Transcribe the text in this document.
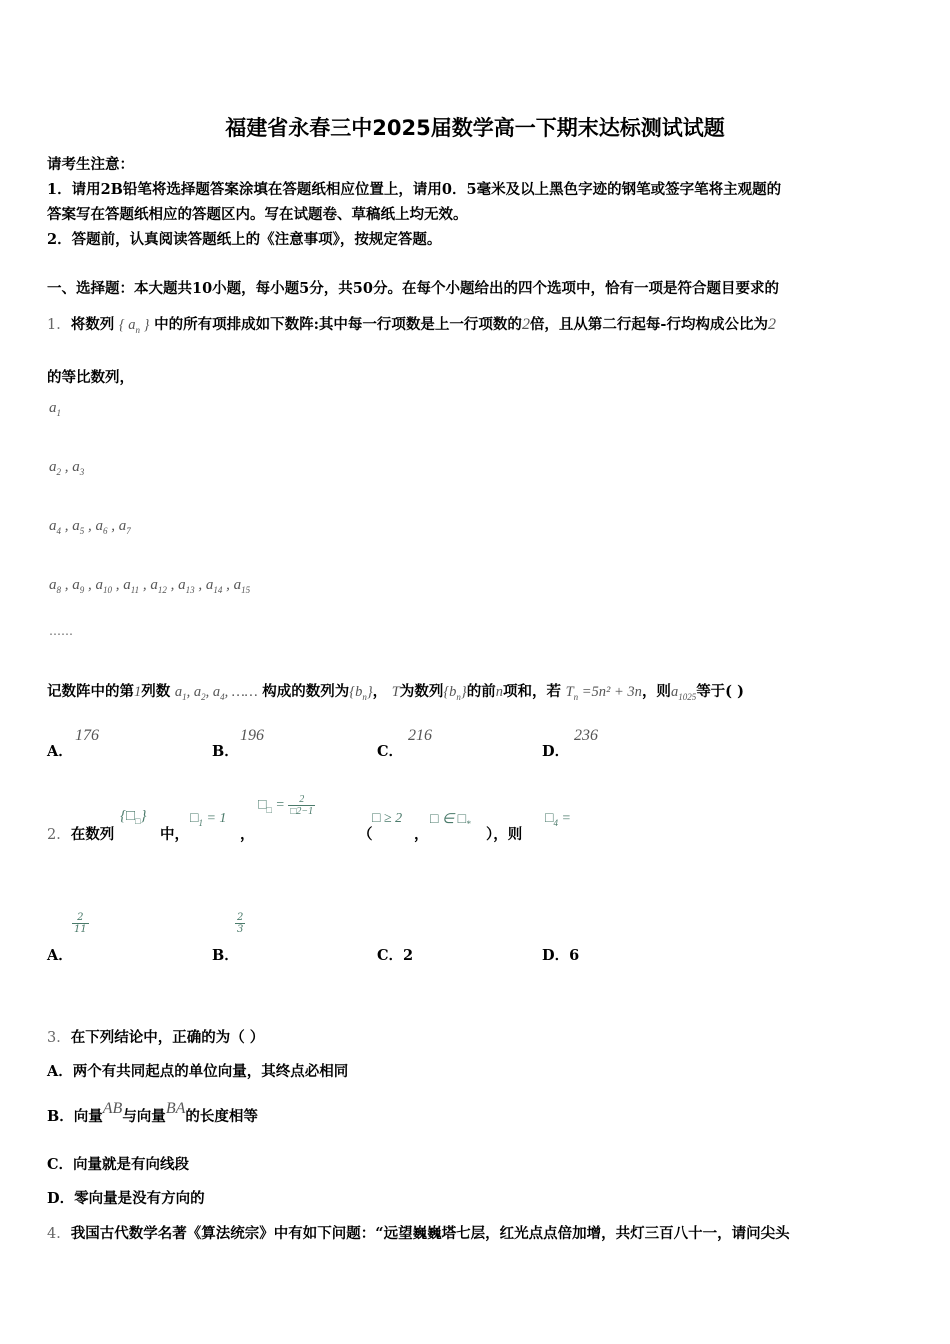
福建省永春三中2025届数学高一下期末达标测试试题
请考生注意：
1．请用2B铅笔将选择题答案涂填在答题纸相应位置上，请用0．5毫米及以上黑色字迹的钢笔或签字笔将主观题的
答案写在答题纸相应的答题区内。写在试题卷、草稿纸上均无效。
2．答题前，认真阅读答题纸上的《注意事项》，按规定答题。
一、选择题：本大题共10小题，每小题5分，共50分。在每个小题给出的四个选项中，恰有一项是符合题目要求的
1．将数列 { $a_n$ } 中的所有项排成如下数阵:其中每一行项数是上一行项数的2倍，且从第二行起每-行均构成公比为2
的等比数列，
$a_1$
$a_2$ , $a_3$
$a_4$ , $a_5$ , $a_6$ , $a_7$
$a_8$ , $a_9$ , $a_{10}$ , $a_{11}$ , $a_{12}$ , $a_{13}$ , $a_{14}$ , $a_{15}$
……
记数阵中的第1列数 $a_1$, $a_2$, $a_4$, …… 构成的数列为$\{b_n\}$， T为数列$\{b_n\}$的前n项和，若 $T_n =5n^2 + 3n$，则$a_{1025}$等于( )
A．
176
B．
196
C．
216
D．
236
2．在数列
$\{□_□\}$
中，
$□_1 = 1$
，
$□_□ = \frac{2}{□2-1}$
（
□ ≥ 2
，
□ ∈ $□_*$
），则
$□_4$ =
A．
$\frac{2}{11}$
B．
$\frac{2}{3}$
C．2	D．6
3．在下列结论中，正确的为（ ）
A．两个有共同起点的单位向量，其终点必相同
B．向量AB与向量BA的长度相等
C．向量就是有向线段
D．零向量是没有方向的
4．我国古代数学名著《算法统宗》中有如下问题：“远望巍巍塔七层，红光点点倍加增，共灯三百八十一，请问尖头
